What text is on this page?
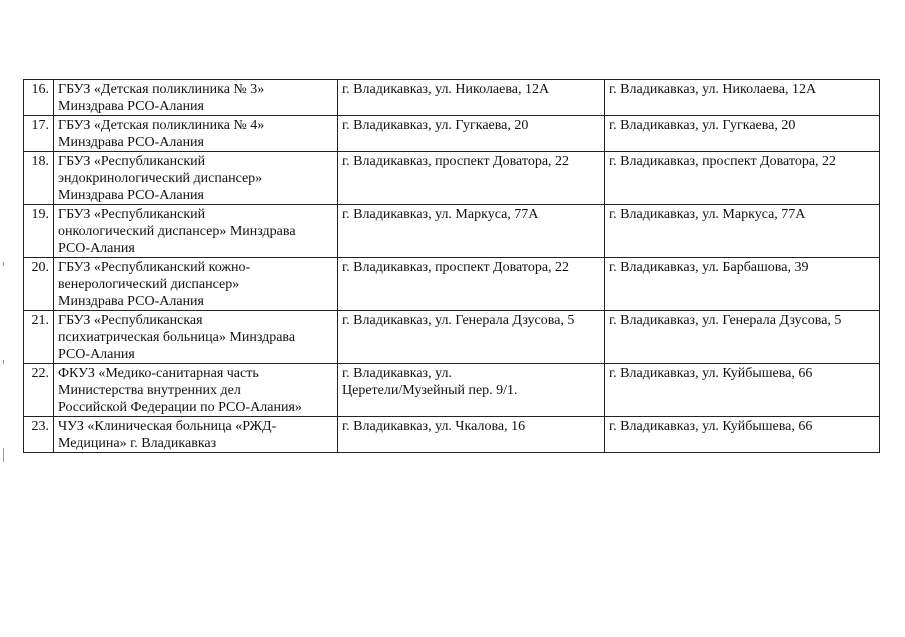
16.	ГБУЗ «Детская поликлиника № 3»
Минздрава РСО-Алания	г. Владикавказ, ул. Николаева, 12А	г. Владикавказ, ул. Николаева, 12А

17.	ГБУЗ «Детская поликлиника № 4»
Минздрава РСО-Алания	г. Владикавказ, ул. Гугкаева, 20	г. Владикавказ, ул. Гугкаева, 20

18.	ГБУЗ «Республиканский
эндокринологический диспансер»
Минздрава РСО-Алания	г. Владикавказ, проспект Доватора, 22	г. Владикавказ, проспект Доватора, 22

19.	ГБУЗ «Республиканский
онкологический диспансер» Минздрава
РСО-Алания	г. Владикавказ, ул. Маркуса, 77А	г. Владикавказ, ул. Маркуса, 77А

20.	ГБУЗ «Республиканский кожно-
венерологический диспансер»
Минздрава РСО-Алания	г. Владикавказ, проспект Доватора, 22	г. Владикавказ, ул. Барбашова, 39

21.	ГБУЗ «Республиканская
психиатрическая больница» Минздрава
РСО-Алания	г. Владикавказ, ул. Генерала Дзусова, 5	г. Владикавказ, ул. Генерала Дзусова, 5

22.	ФКУЗ «Медико-санитарная часть
Министерства внутренних дел
Российской Федерации по РСО-Алания»	г. Владикавказ, ул.
Церетели/Музейный пер. 9/1.	г. Владикавказ, ул. Куйбышева, 66

23.	ЧУЗ «Клиническая больница «РЖД-
Медицина» г. Владикавказ	г. Владикавказ, ул. Чкалова, 16	г. Владикавказ, ул. Куйбышева, 66
